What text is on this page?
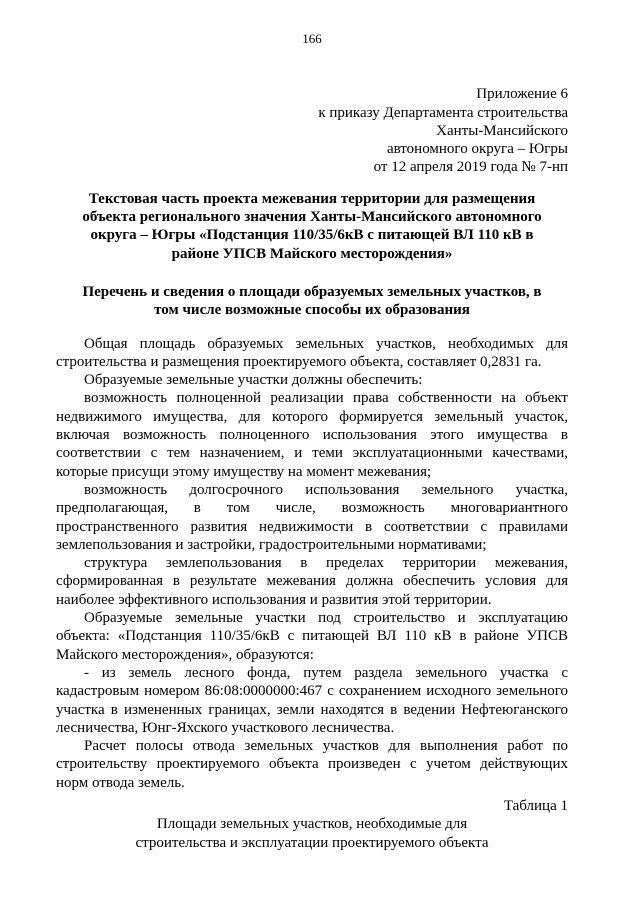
166
Приложение 6
к приказу Департамента строительства
Ханты-Мансийского
автономного округа – Югры
от 12 апреля 2019 года № 7-нп
Текстовая часть проекта межевания территории для размещения
объекта регионального значения Ханты-Мансийского автономного
округа – Югры «Подстанция 110/35/6кВ с питающей ВЛ 110 кВ в
районе УПСВ Майского месторождения»
Перечень и сведения о площади образуемых земельных участков, в
том числе возможные способы их образования

Общая площадь образуемых земельных участков, необходимых для строительства и размещения проектируемого объекта, составляет 0,2831 га.

Образуемые земельные участки должны обеспечить:

возможность полноценной реализации права собственности на объект недвижимого имущества, для которого формируется земельный участок, включая возможность полноценного использования этого имущества в соответствии с тем назначением, и теми эксплуатационными качествами, которые присущи этому имуществу на момент межевания;

возможность долгосрочного использования земельного участка, предполагающая, в том числе, возможность многовариантного пространственного развития недвижимости в соответствии с правилами землепользования и застройки, градостроительными нормативами;

структура землепользования в пределах территории межевания, сформированная в результате межевания должна обеспечить условия для наиболее эффективного использования и развития этой территории.

Образуемые земельные участки под строительство и эксплуатацию объекта: «Подстанция 110/35/6кВ с питающей ВЛ 110 кВ в районе УПСВ Майского месторождения», образуются:

- из земель лесного фонда, путем раздела земельного участка с кадастровым номером 86:08:0000000:467 с сохранением исходного земельного участка в измененных границах, земли находятся в ведении Нефтеюганского лесничества, Юнг-Яхского участкового лесничества.

Расчет полосы отвода земельных участков для выполнения работ по строительству проектируемого объекта произведен с учетом действующих норм отвода земель.

Таблица 1
Площади земельных участков, необходимые для
строительства и эксплуатации проектируемого объекта
